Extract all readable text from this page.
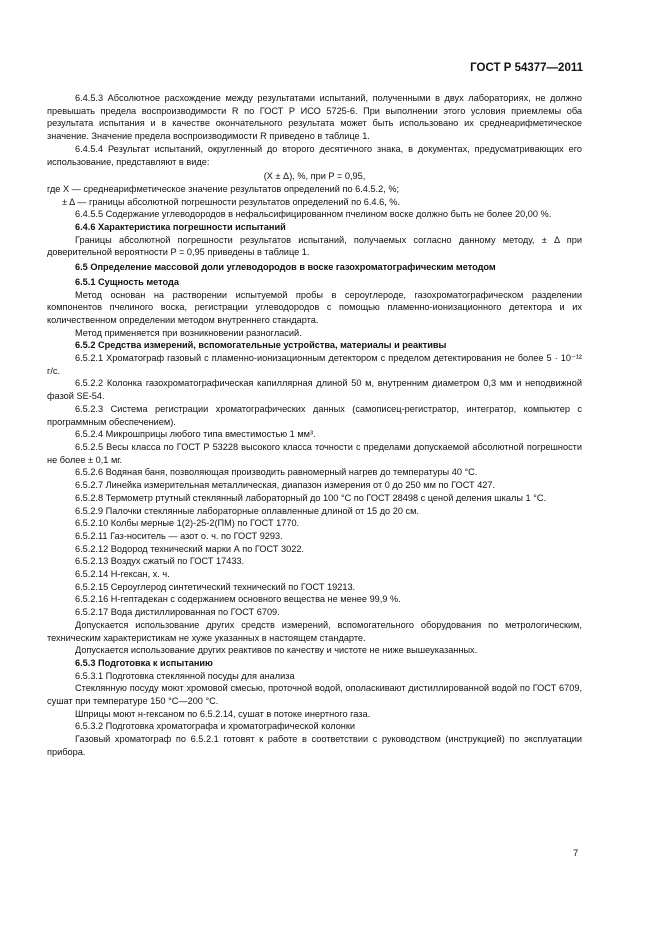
ГОСТ Р 54377—2011

6.4.5.3 Абсолютное расхождение между результатами испытаний, полученными в двух лабораториях, не должно превышать предела воспроизводимости R по ГОСТ Р ИСО 5725-6. При выполнении этого условия приемлемы оба результата испытания и в качестве окончательного результата может быть использовано их среднеарифметическое значение. Значение предела воспроизводимости R приведено в таблице 1.

6.4.5.4 Результат испытаний, округленный до второго десятичного знака, в документах, предусматривающих его использование, представляют в виде:

(X ± Δ), %, при P = 0,95,

где X — среднеарифметическое значение результатов определений по 6.4.5.2, %;

± Δ — границы абсолютной погрешности результатов определений по 6.4.6, %.

6.4.5.5 Содержание углеводородов в нефальсифицированном пчелином воске должно быть не более 20,00 %.

6.4.6 Характеристика погрешности испытаний

Границы абсолютной погрешности результатов испытаний, получаемых согласно данному методу, ± Δ при доверительной вероятности P = 0,95 приведены в таблице 1.

6.5 Определение массовой доли углеводородов в воске газохроматографическим методом

6.5.1 Сущность метода

Метод основан на растворении испытуемой пробы в сероуглероде, газохроматографическом разделении компонентов пчелиного воска, регистрации углеводородов с помощью пламенно-ионизационного детектора и их количественном определении методом внутреннего стандарта.

Метод применяется при возникновении разногласий.

6.5.2 Средства измерений, вспомогательные устройства, материалы и реактивы

6.5.2.1 Хроматограф газовый с пламенно-ионизационным детектором с пределом детектирования не более 5 · 10⁻¹² г/с.

6.5.2.2 Колонка газохроматографическая капиллярная длиной 50 м, внутренним диаметром 0,3 мм и неподвижной фазой SE-54.

6.5.2.3 Система регистрации хроматографических данных (самописец-регистратор, интегратор, компьютер с программным обеспечением).

6.5.2.4 Микрошприцы любого типа вместимостью 1 мм³.

6.5.2.5 Весы класса по ГОСТ Р 53228 высокого класса точности с пределами допускаемой абсолютной погрешности не более ± 0,1 мг.

6.5.2.6 Водяная баня, позволяющая производить равномерный нагрев до температуры 40 °С.

6.5.2.7 Линейка измерительная металлическая, диапазон измерения от 0 до 250 мм по ГОСТ 427.

6.5.2.8 Термометр ртутный стеклянный лабораторный до 100 °С по ГОСТ 28498 с ценой деления шкалы 1 °С.

6.5.2.9 Палочки стеклянные лабораторные оплавленные длиной от 15 до 20 см.

6.5.2.10 Колбы мерные 1(2)-25-2(ПМ) по ГОСТ 1770.

6.5.2.11 Газ-носитель — азот о. ч. по ГОСТ 9293.

6.5.2.12 Водород технический марки А по ГОСТ 3022.

6.5.2.13 Воздух сжатый по ГОСТ 17433.

6.5.2.14 Н-гексан, х. ч.

6.5.2.15 Сероуглерод синтетический технический по ГОСТ 19213.

6.5.2.16 Н-гептадекан с содержанием основного вещества не менее 99,9 %.

6.5.2.17 Вода дистиллированная по ГОСТ 6709.

Допускается использование других средств измерений, вспомогательного оборудования по метрологическим, техническим характеристикам не хуже указанных в настоящем стандарте.

Допускается использование других реактивов по качеству и чистоте не ниже вышеуказанных.

6.5.3 Подготовка к испытанию

6.5.3.1 Подготовка стеклянной посуды для анализа

Стеклянную посуду моют хромовой смесью, проточной водой, ополаскивают дистиллированной водой по ГОСТ 6709, сушат при температуре 150 °С—200 °С.

Шприцы моют н-гексаном по 6.5.2.14, сушат в потоке инертного газа.

6.5.3.2 Подготовка хроматографа и хроматографической колонки

Газовый хроматограф по 6.5.2.1 готовят к работе в соответствии с руководством (инструкцией) по эксплуатации прибора.

7
